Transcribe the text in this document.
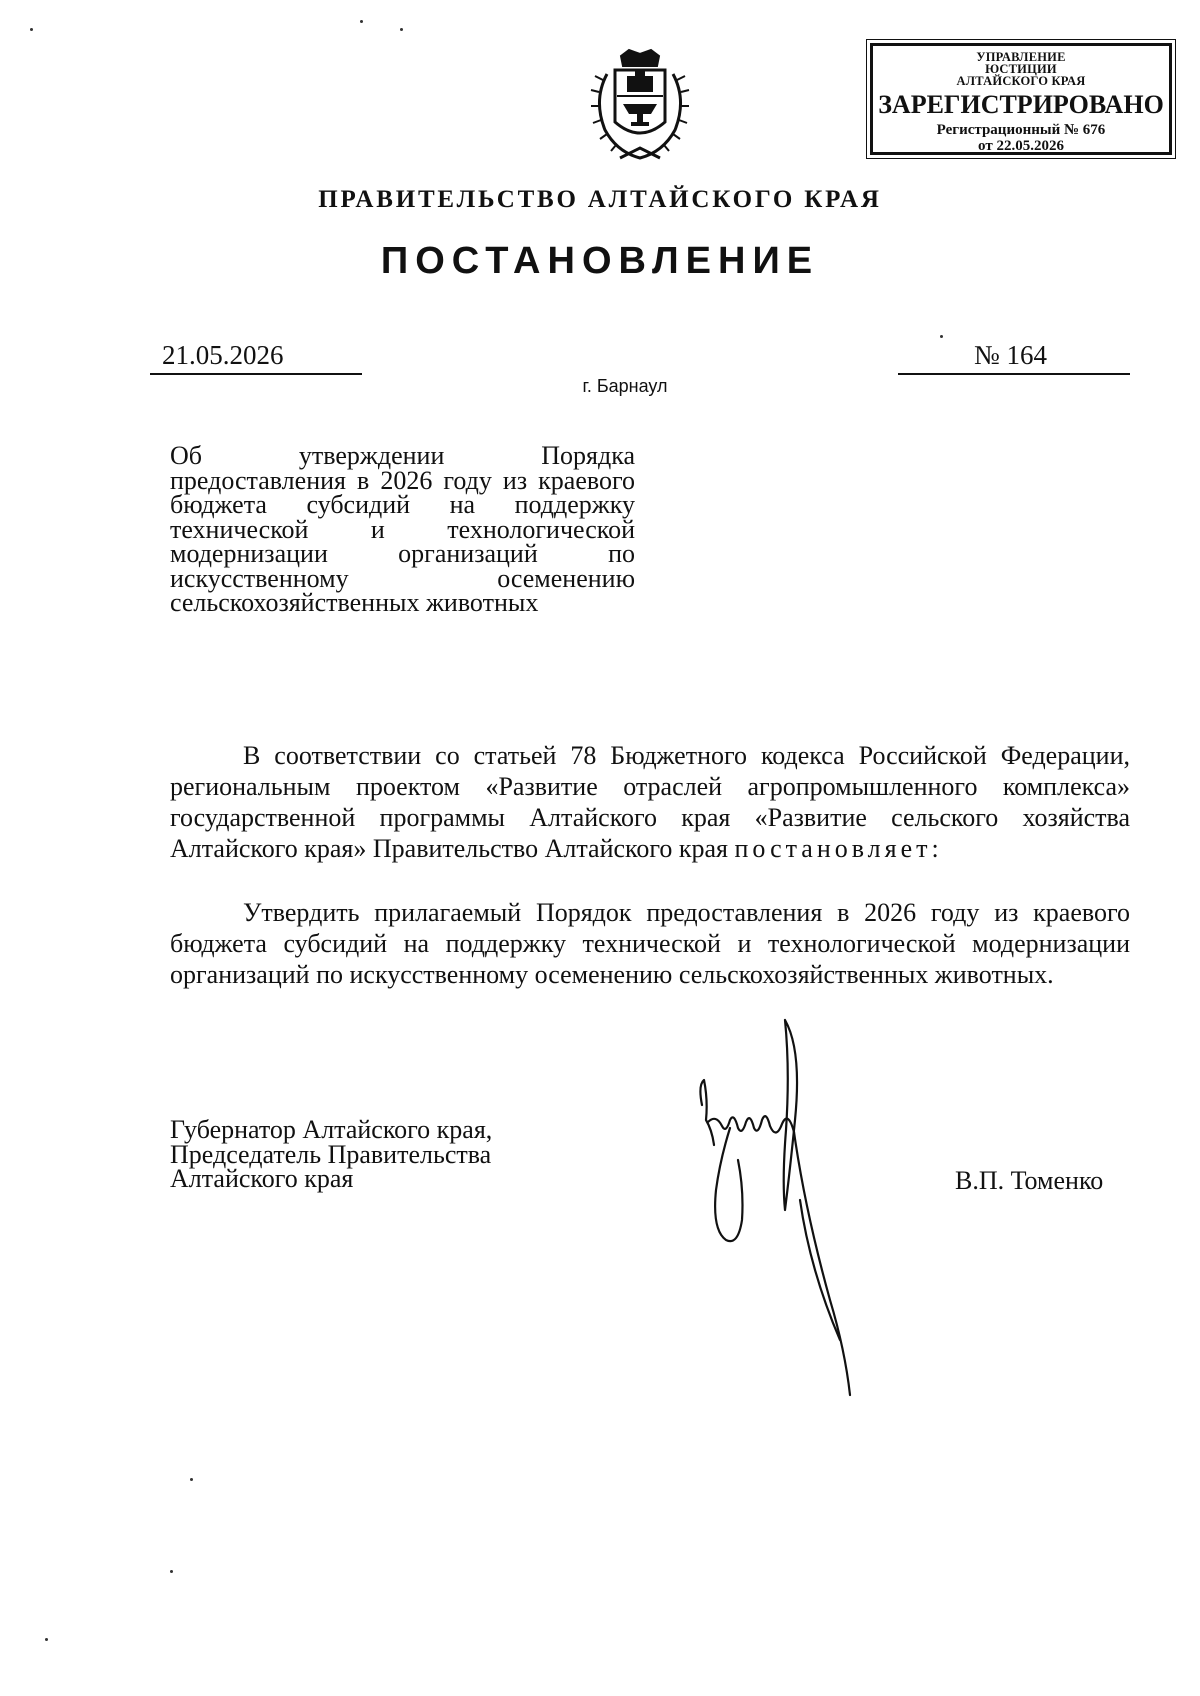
УПРАВЛЕНИЕ ЮСТИЦИИ
АЛТАЙСКОГО КРАЯ
ЗАРЕГИСТРИРОВАНО
Регистрационный № 676
от 22.05.2026
ПРАВИТЕЛЬСТВО АЛТАЙСКОГО КРАЯ
ПОСТАНОВЛЕНИЕ
21.05.2026	№ 164
г. Барнаул
Об утверждении Порядка предоставления в 2026 году из краевого бюджета субсидий на поддержку технической и технологической модернизации организаций по искусственному осеменению сельскохозяйственных животных
В соответствии со статьей 78 Бюджетного кодекса Российской Федерации, региональным проектом «Развитие отраслей агропромышленного комплекса» государственной программы Алтайского края «Развитие сельского хозяйства Алтайского края» Правительство Алтайского края постановляет:
Утвердить прилагаемый Порядок предоставления в 2026 году из краевого бюджета субсидий на поддержку технической и технологической модернизации организаций по искусственному осеменению сельскохозяйственных животных.
Губернатор Алтайского края,
Председатель Правительства
Алтайского края	В.П. Томенко
